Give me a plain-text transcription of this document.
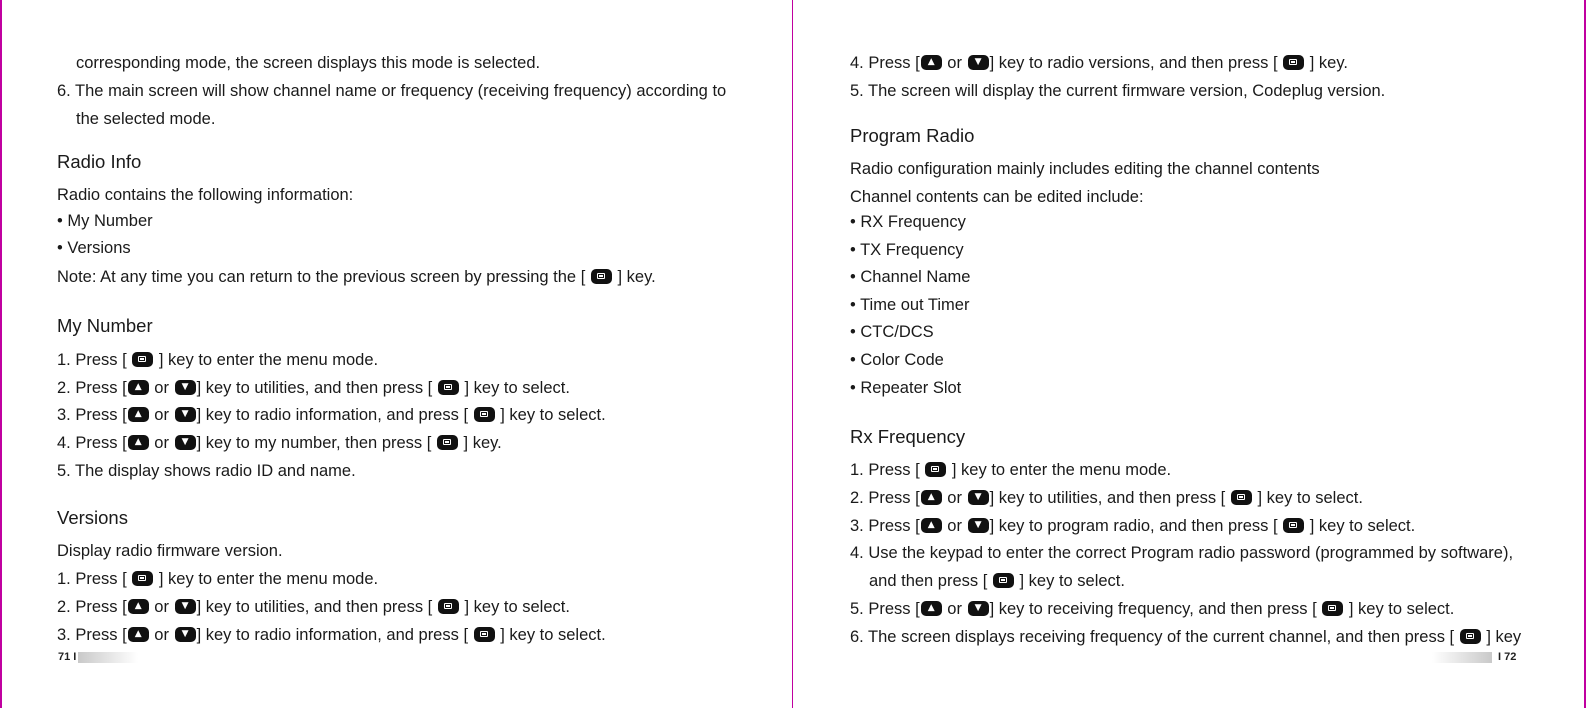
corresponding mode, the screen displays this mode is selected.
6. The main screen will show channel name or frequency (receiving frequency) according to
the selected mode.
Radio Info
Radio contains the following information:
• My Number
• Versions
Note: At any time you can return to the previous screen by pressing the [ ] key.
My Number
1. Press [ ] key to enter the menu mode.
2. Press [ ▲ or	▼ ] key to utilities, and then press [ ] key to select.
3. Press [ ▲ or	▼ ] key to radio information, and press [ ] key to select.
4. Press [ ▲ or	▼ ] key to my number, then press [ ] key.
5. The display shows radio ID and name.
Versions
Display radio firmware version.
1. Press [ ] key to enter the menu mode.
2. Press [ ▲ or	▼ ] key to utilities, and then press [ ] key to select.
3. Press [ ▲ or	▼ ] key to radio information, and press [ ] key to select.
71 I
4. Press [ ▲ or	▼ ] key to radio versions, and then press [ ] key.
5. The screen will display the current firmware version, Codeplug version.
Program Radio
Radio configuration mainly includes editing the channel contents
Channel contents can be edited include:
• RX Frequency
• TX Frequency
• Channel Name
• Time out Timer
• CTC/DCS
• Color Code
• Repeater Slot
Rx Frequency
1. Press [ ] key to enter the menu mode.
2. Press [ ▲ or	▼ ] key to utilities, and then press [ ] key to select.
3. Press [ ▲ or	▼ ] key to program radio, and then press [ ] key to select.
4. Use the keypad to enter the correct Program radio password (programmed by software),
and then press [ ] key to select.
5. Press [ ▲ or	▼ ] key to receiving frequency, and then press [ ] key to select.
6. The screen displays receiving frequency of the current channel, and then press [ ] key
I 72
